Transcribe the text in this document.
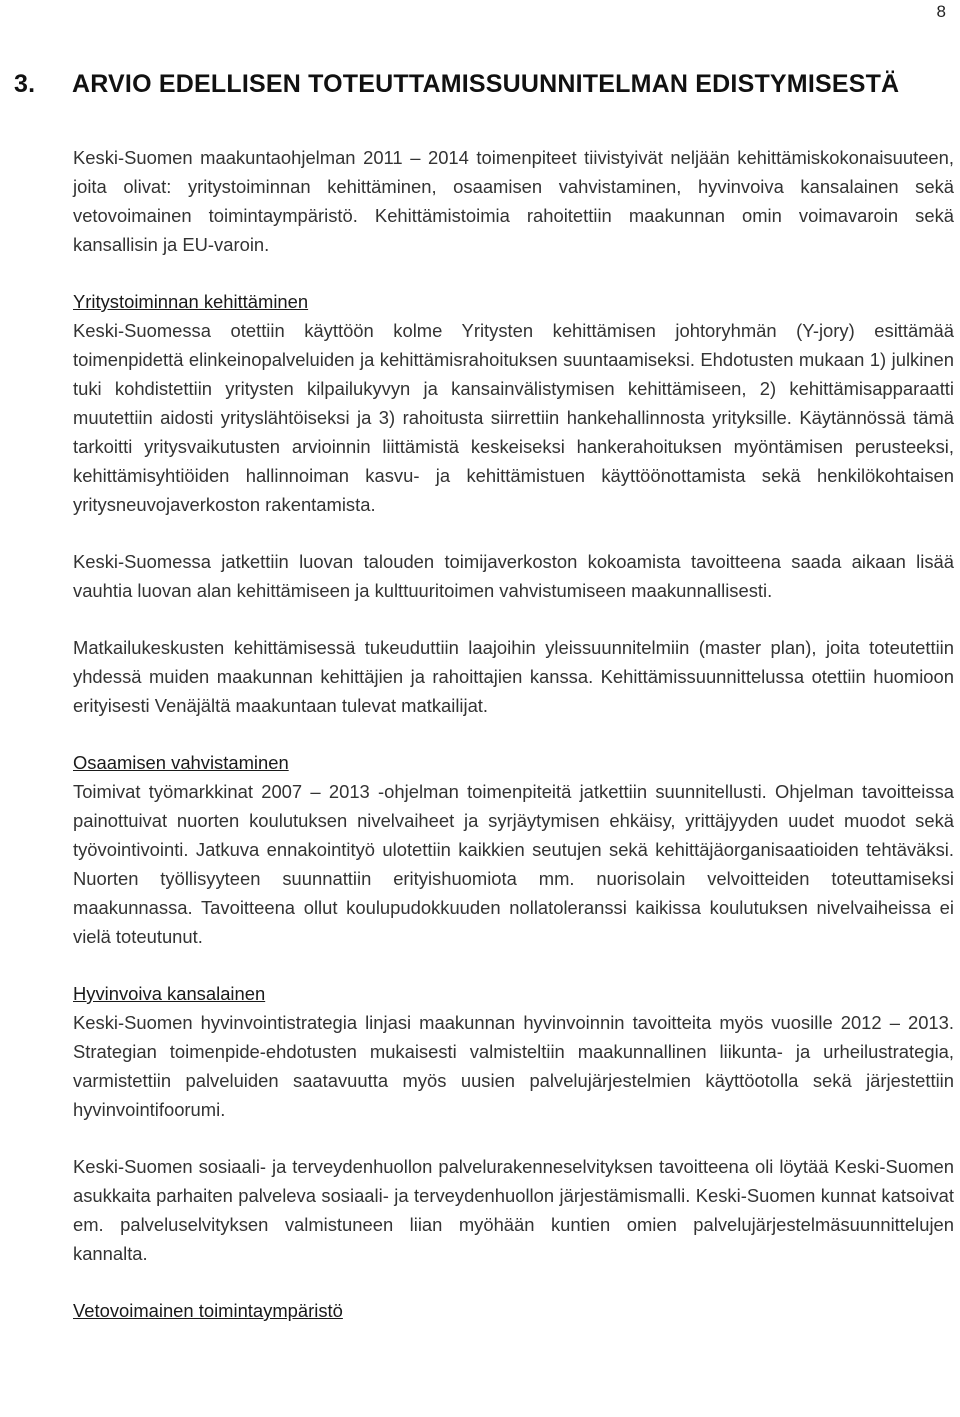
8
3. ARVIO EDELLISEN TOTEUTTAMISSUUNNITELMAN EDISTYMISESTÄ

Keski-Suomen maakuntaohjelman 2011 – 2014 toimenpiteet tiivistyivät neljään kehittämiskokonaisuuteen, joita olivat: yritystoiminnan kehittäminen, osaamisen vahvistaminen, hyvinvoiva kansalainen sekä vetovoimainen toimintaympäristö. Kehittämistoimia rahoitettiin maakunnan omin voimavaroin sekä kansallisin ja EU-varoin.

Yritystoiminnan kehittäminen

Keski-Suomessa otettiin käyttöön kolme Yritysten kehittämisen johtoryhmän (Y-jory) esittämää toimenpidettä elinkeinopalveluiden ja kehittämisrahoituksen suuntaamiseksi. Ehdotusten mukaan 1) julkinen tuki kohdistettiin yritysten kilpailukyvyn ja kansainvälistymisen kehittämiseen, 2) kehittämisapparaatti muutettiin aidosti yrityslähtöiseksi ja 3) rahoitusta siirrettiin hankehallinnosta yrityksille. Käytännössä tämä tarkoitti yritysvaikutusten arvioinnin liittämistä keskeiseksi hankerahoituksen myöntämisen perusteeksi, kehittämisyhtiöiden hallinnoiman kasvu- ja kehittämistuen käyttöönottamista sekä henkilökohtaisen yritysneuvojaverkoston rakentamista.

Keski-Suomessa jatkettiin luovan talouden toimijaverkoston kokoamista tavoitteena saada aikaan lisää vauhtia luovan alan kehittämiseen ja kulttuuritoimen vahvistumiseen maakunnallisesti.

Matkailukeskusten kehittämisessä tukeuduttiin laajoihin yleissuunnitelmiin (master plan), joita toteutettiin yhdessä muiden maakunnan kehittäjien ja rahoittajien kanssa. Kehittämissuunnittelussa otettiin huomioon erityisesti Venäjältä maakuntaan tulevat matkailijat.

Osaamisen vahvistaminen

Toimivat työmarkkinat 2007 – 2013 -ohjelman toimenpiteitä jatkettiin suunnitellusti. Ohjelman tavoitteissa painottuivat nuorten koulutuksen nivelvaiheet ja syrjäytymisen ehkäisy, yrittäjyyden uudet muodot sekä työvointivointi. Jatkuva ennakointityö ulotettiin kaikkien seutujen sekä kehittäjäorganisaatioiden tehtäväksi. Nuorten työllisyyteen suunnattiin erityishuomiota mm. nuorisolain velvoitteiden toteuttamiseksi maakunnassa. Tavoitteena ollut koulupudokkuuden nollatoleranssi kaikissa koulutuksen nivelvaiheissa ei vielä toteutunut.

Hyvinvoiva kansalainen

Keski-Suomen hyvinvointistrategia linjasi maakunnan hyvinvoinnin tavoitteita myös vuosille 2012 – 2013. Strategian toimenpide-ehdotusten mukaisesti valmisteltiin maakunnallinen liikunta- ja urheilustrategia, varmistettiin palveluiden saatavuutta myös uusien palvelujärjestelmien käyttöotolla sekä järjestettiin hyvinvointifoorumi.

Keski-Suomen sosiaali- ja terveydenhuollon palvelurakenneselvityksen tavoitteena oli löytää Keski-Suomen asukkaita parhaiten palveleva sosiaali- ja terveydenhuollon järjestämismalli. Keski-Suomen kunnat katsoivat em. palveluselvityksen valmistuneen liian myöhään kuntien omien palvelujärjestelmäsuunnittelujen kannalta.

Vetovoimainen toimintaympäristö
